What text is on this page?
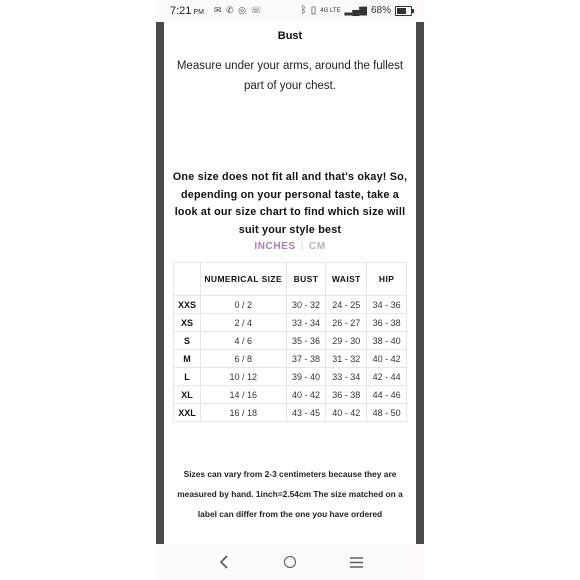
7:21 PM ✉ ✆ ◎ ☏	ᛒ ▯ 4G LTE ▂▄▆ 68%
Bust
Measure under your arms, around the fullest part of your chest.
One size does not fit all and that's okay! So, depending on your personal taste, take a look at our size chart to find which size will suit your style best
INCHES | CM
	NUMERICAL SIZE	BUST	WAIST	HIP
XXS	0 / 2	30 - 32	24 - 25	34 - 36
XS	2 / 4	33 - 34	26 - 27	36 - 38
S	4 / 6	35 - 36	29 - 30	38 - 40
M	6 / 8	37 - 38	31 - 32	40 - 42
L	10 / 12	39 - 40	33 - 34	42 - 44
XL	14 / 16	40 - 42	36 - 38	44 - 46
XXL	16 / 18	43 - 45	40 - 42	48 - 50
Sizes can vary from 2-3 centimeters because they are measured by hand. 1inch=2.54cm The size matched on a label can differ from the one you have ordered
